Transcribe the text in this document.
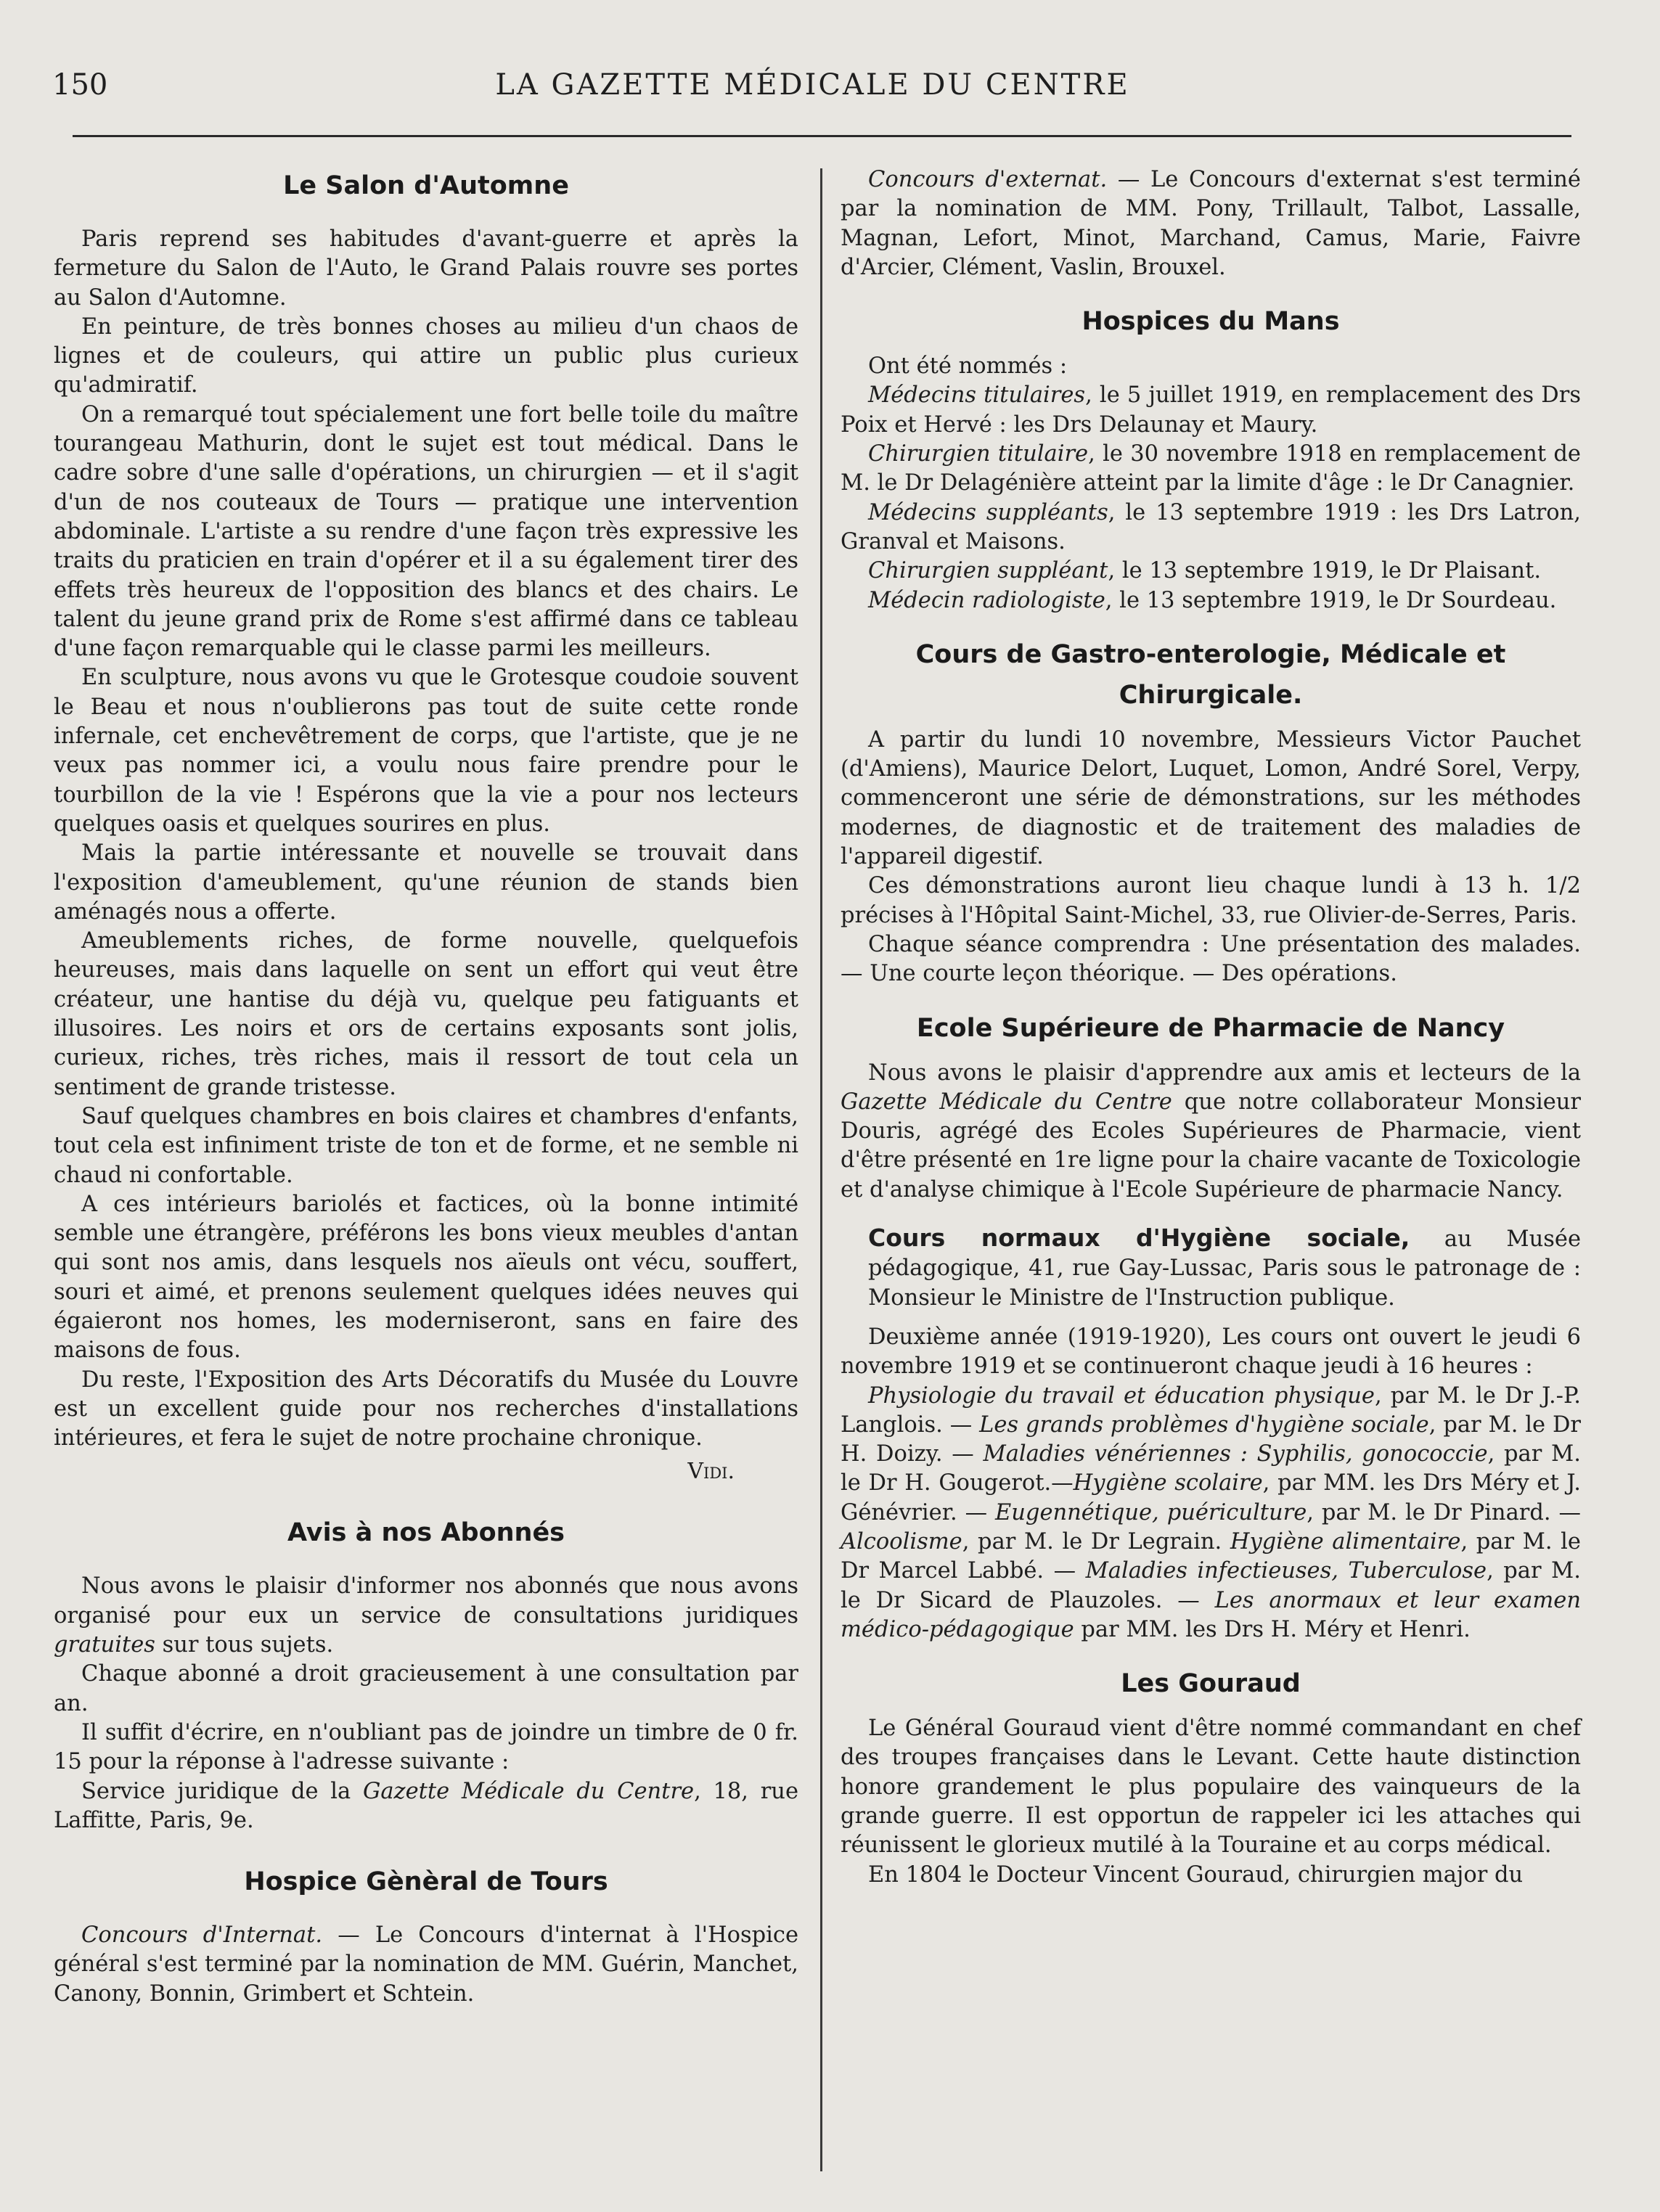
150	LA GAZETTE MÉDICALE DU CENTRE
Le Salon d'Automne

Paris reprend ses habitudes d'avant-guerre et après la fermeture du Salon de l'Auto, le Grand Palais rouvre ses portes au Salon d'Automne.

En peinture, de très bonnes choses au milieu d'un chaos de lignes et de couleurs, qui attire un public plus curieux qu'admiratif.

On a remarqué tout spécialement une fort belle toile du maître tourangeau Mathurin, dont le sujet est tout médical. Dans le cadre sobre d'une salle d'opérations, un chirurgien — et il s'agit d'un de nos couteaux de Tours — pratique une intervention abdominale. L'artiste a su rendre d'une façon très expressive les traits du praticien en train d'opérer et il a su également tirer des effets très heureux de l'opposition des blancs et des chairs. Le talent du jeune grand prix de Rome s'est affirmé dans ce tableau d'une façon remarquable qui le classe parmi les meilleurs.

En sculpture, nous avons vu que le Grotesque coudoie souvent le Beau et nous n'oublierons pas tout de suite cette ronde infernale, cet enchevêtrement de corps, que l'artiste, que je ne veux pas nommer ici, a voulu nous faire prendre pour le tourbillon de la vie ! Espérons que la vie a pour nos lecteurs quelques oasis et quelques sourires en plus.

Mais la partie intéressante et nouvelle se trouvait dans l'exposition d'ameublement, qu'une réunion de stands bien aménagés nous a offerte.

Ameublements riches, de forme nouvelle, quelquefois heureuses, mais dans laquelle on sent un effort qui veut être créateur, une hantise du déjà vu, quelque peu fatiguants et illusoires. Les noirs et ors de certains exposants sont jolis, curieux, riches, très riches, mais il ressort de tout cela un sentiment de grande tristesse.

Sauf quelques chambres en bois claires et chambres d'enfants, tout cela est infiniment triste de ton et de forme, et ne semble ni chaud ni confortable.

A ces intérieurs bariolés et factices, où la bonne intimité semble une étrangère, préférons les bons vieux meubles d'antan qui sont nos amis, dans lesquels nos aïeuls ont vécu, souffert, souri et aimé, et prenons seulement quelques idées neuves qui égaieront nos homes, les moderniseront, sans en faire des maisons de fous.

Du reste, l'Exposition des Arts Décoratifs du Musée du Louvre est un excellent guide pour nos recherches d'installations intérieures, et fera le sujet de notre prochaine chronique.

Vidi.
Avis à nos Abonnés

Nous avons le plaisir d'informer nos abonnés que nous avons organisé pour eux un service de consultations juridiques gratuites sur tous sujets.

Chaque abonné a droit gracieusement à une consultation par an.

Il suffit d'écrire, en n'oubliant pas de joindre un timbre de 0 fr. 15 pour la réponse à l'adresse suivante :

Service juridique de la Gazette Médicale du Centre, 18, rue Laffitte, Paris, 9e.

Hospice Gènèral de Tours

Concours d'Internat. — Le Concours d'internat à l'Hospice général s'est terminé par la nomination de MM. Guérin, Manchet, Canony, Bonnin, Grimbert et Schtein.

Concours d'externat. — Le Concours d'externat s'est terminé par la nomination de MM. Pony, Trillault, Talbot, Lassalle, Magnan, Lefort, Minot, Marchand, Camus, Marie, Faivre d'Arcier, Clément, Vaslin, Brouxel.

Hospices du Mans

Ont été nommés :

Médecins titulaires, le 5 juillet 1919, en remplacement des Drs Poix et Hervé : les Drs Delaunay et Maury.

Chirurgien titulaire, le 30 novembre 1918 en remplacement de M. le Dr Delagénière atteint par la limite d'âge : le Dr Canagnier.

Médecins suppléants, le 13 septembre 1919 : les Drs Latron, Granval et Maisons.

Chirurgien suppléant, le 13 septembre 1919, le Dr Plaisant.

Médecin radiologiste, le 13 septembre 1919, le Dr Sourdeau.

Cours de Gastro-enterologie, Médicale et
Chirurgicale.

A partir du lundi 10 novembre, Messieurs Victor Pauchet (d'Amiens), Maurice Delort, Luquet, Lomon, André Sorel, Verpy, commenceront une série de démonstrations, sur les méthodes modernes, de diagnostic et de traitement des maladies de l'appareil digestif.

Ces démonstrations auront lieu chaque lundi à 13 h. 1/2 précises à l'Hôpital Saint-Michel, 33, rue Olivier-de-Serres, Paris.

Chaque séance comprendra : Une présentation des malades. — Une courte leçon théorique. — Des opérations.

Ecole Supérieure de Pharmacie de Nancy

Nous avons le plaisir d'apprendre aux amis et lecteurs de la Gazette Médicale du Centre que notre collaborateur Monsieur Douris, agrégé des Ecoles Supérieures de Pharmacie, vient d'être présenté en 1re ligne pour la chaire vacante de Toxicologie et d'analyse chimique à l'Ecole Supérieure de pharmacie Nancy.

Cours normaux d'Hygiène sociale, au Musée pédagogique, 41, rue Gay-Lussac, Paris sous le patronage de : Monsieur le Ministre de l'Instruction publique.

Deuxième année (1919-1920), Les cours ont ouvert le jeudi 6 novembre 1919 et se continueront chaque jeudi à 16 heures :

Physiologie du travail et éducation physique, par M. le Dr J.-P. Langlois. — Les grands problèmes d'hygiène sociale, par M. le Dr H. Doizy. — Maladies vénériennes : Syphilis, gonococcie, par M. le Dr H. Gougerot.—Hygiène scolaire, par MM. les Drs Méry et J. Génévrier. — Eugennétique, puériculture, par M. le Dr Pinard. — Alcoolisme, par M. le Dr Legrain. Hygiène alimentaire, par M. le Dr Marcel Labbé. — Maladies infectieuses, Tuberculose, par M. le Dr Sicard de Plauzoles. — Les anormaux et leur examen médico-pédagogique par MM. les Drs H. Méry et Henri.

Les Gouraud

Le Général Gouraud vient d'être nommé commandant en chef des troupes françaises dans le Levant. Cette haute distinction honore grandement le plus populaire des vainqueurs de la grande guerre. Il est opportun de rappeler ici les attaches qui réunissent le glorieux mutilé à la Touraine et au corps médical.

En 1804 le Docteur Vincent Gouraud, chirurgien major du
